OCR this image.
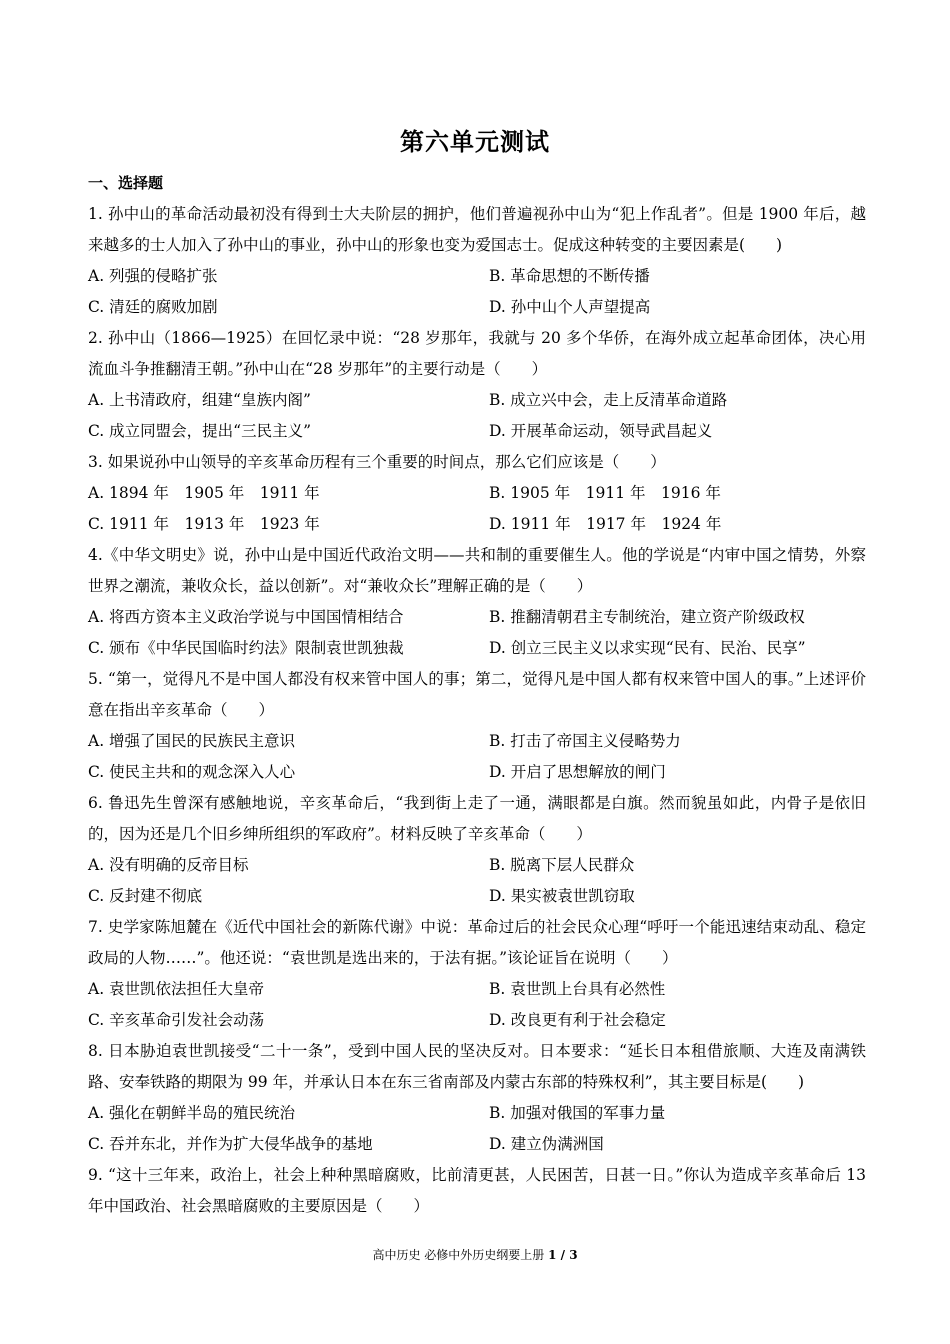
第六单元测试
一、选择题
1. 孙中山的革命活动最初没有得到士大夫阶层的拥护，他们普遍视孙中山为“犯上作乱者”。但是 1900 年后，越来越多的士人加入了孙中山的事业，孙中山的形象也变为爱国志士。促成这种转变的主要因素是(　　)
A. 列强的侵略扩张	B. 革命思想的不断传播
C. 清廷的腐败加剧	D. 孙中山个人声望提高
2. 孙中山（1866—1925）在回忆录中说：“28 岁那年，我就与 20 多个华侨，在海外成立起革命团体，决心用流血斗争推翻清王朝。”孙中山在“28 岁那年”的主要行动是（　　）
A. 上书清政府，组建“皇族内阁”	B. 成立兴中会，走上反清革命道路
C. 成立同盟会，提出“三民主义”	D. 开展革命运动，领导武昌起义
3. 如果说孙中山领导的辛亥革命历程有三个重要的时间点，那么它们应该是（　　）
A. 1894 年　1905 年　1911 年	B. 1905 年　1911 年　1916 年
C. 1911 年　1913 年　1923 年	D. 1911 年　1917 年　1924 年
4.《中华文明史》说，孙中山是中国近代政治文明——共和制的重要催生人。他的学说是“内审中国之情势，外察世界之潮流，兼收众长，益以创新”。对“兼收众长”理解正确的是（　　）
A. 将西方资本主义政治学说与中国国情相结合	B. 推翻清朝君主专制统治，建立资产阶级政权
C. 颁布《中华民国临时约法》限制袁世凯独裁	D. 创立三民主义以求实现“民有、民治、民享”
5. “第一，觉得凡不是中国人都没有权来管中国人的事；第二，觉得凡是中国人都有权来管中国人的事。”上述评价意在指出辛亥革命（　　）
A. 增强了国民的民族民主意识	B. 打击了帝国主义侵略势力
C. 使民主共和的观念深入人心	D. 开启了思想解放的闸门
6. 鲁迅先生曾深有感触地说，辛亥革命后，“我到街上走了一通，满眼都是白旗。然而貌虽如此，内骨子是依旧的，因为还是几个旧乡绅所组织的军政府”。材料反映了辛亥革命（　　）
A. 没有明确的反帝目标	B. 脱离下层人民群众
C. 反封建不彻底	D. 果实被袁世凯窃取
7. 史学家陈旭麓在《近代中国社会的新陈代谢》中说：革命过后的社会民众心理“呼吁一个能迅速结束动乱、稳定政局的人物……”。他还说：“袁世凯是选出来的，于法有据。”该论证旨在说明（　　）
A. 袁世凯依法担任大皇帝	B. 袁世凯上台具有必然性
C. 辛亥革命引发社会动荡	D. 改良更有利于社会稳定
8. 日本胁迫袁世凯接受“二十一条”，受到中国人民的坚决反对。日本要求：“延长日本租借旅顺、大连及南满铁路、安奉铁路的期限为 99 年，并承认日本在东三省南部及内蒙古东部的特殊权利”，其主要目标是(　　)
A. 强化在朝鲜半岛的殖民统治	B. 加强对俄国的军事力量
C. 吞并东北，并作为扩大侵华战争的基地	D. 建立伪满洲国
9. “这十三年来，政治上，社会上种种黑暗腐败，比前清更甚，人民困苦，日甚一日。”你认为造成辛亥革命后 13 年中国政治、社会黑暗腐败的主要原因是（　　）
高中历史 必修中外历史纲要上册 1 / 3
